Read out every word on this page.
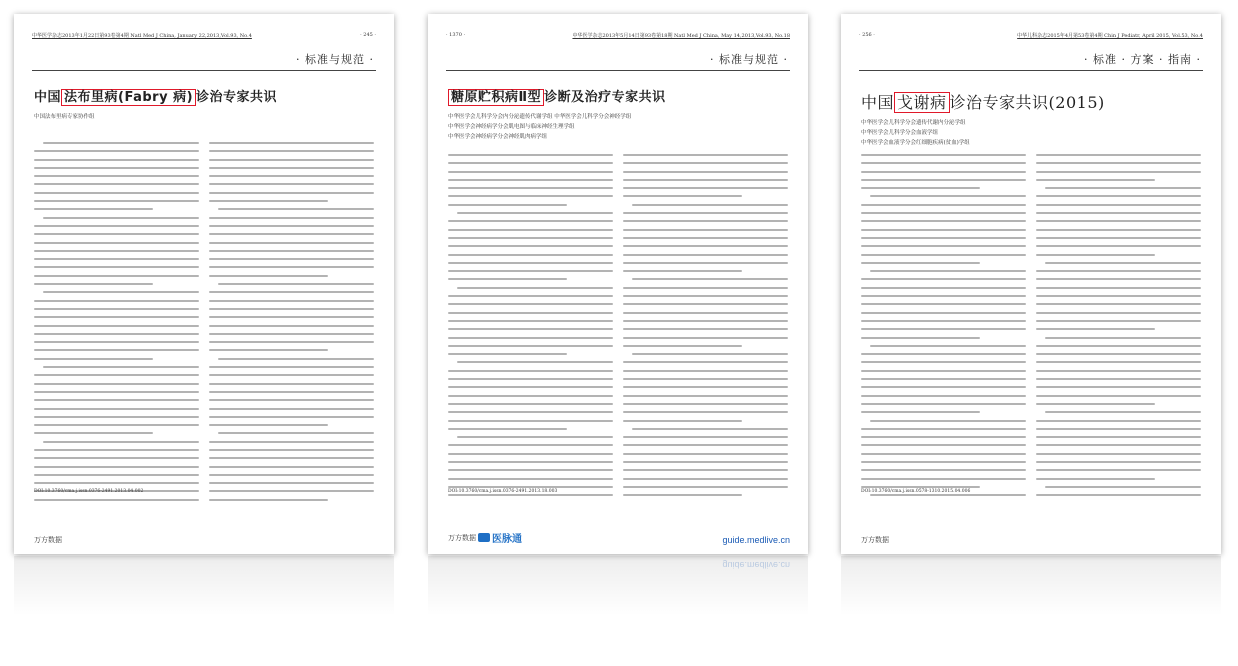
中华医学杂志2013年1月22日第93卷第4期 Natl Med J China, January 22,2013,Vol.93, No.4	· 245 ·
· 标准与规范 ·
中国 法布里病(Fabry 病) 诊治专家共识
中国法布里病专家协作组
DOI:10.3760/cma.j.issn.0376-2491.2013.04.002
万方数据
· 1370 ·	中华医学杂志2013年5月14日第93卷第18期 Natl Med J China, May 14,2013,Vol.93, No.18
· 标准与规范 ·
糖原贮积病Ⅱ型 诊断及治疗专家共识
中华医学会儿科学分会内分泌遗传代谢学组 中华医学会儿科学分会神经学组
中华医学会神经病学分会肌电图与临床神经生理学组
中华医学会神经病学分会神经肌肉病学组
DOI:10.3760/cma.j.issn.0376-2491.2013.18.003
万方数据 医脉通	guide.medlive.cn
· 256 ·	中华儿科杂志2015年4月第53卷第4期 Chin J Pediatr, April 2015, Vol.53, No.4
· 标准 · 方案 · 指南 ·
中国 戈谢病 诊治专家共识(2015)
中华医学会儿科学分会遗传代谢内分泌学组
中华医学会儿科学分会血液学组
中华医学会血液学分会红细胞疾病(贫血)学组
DOI:10.3760/cma.j.issn.0578-1310.2015.04.006
万方数据
guide.medlive.cn
